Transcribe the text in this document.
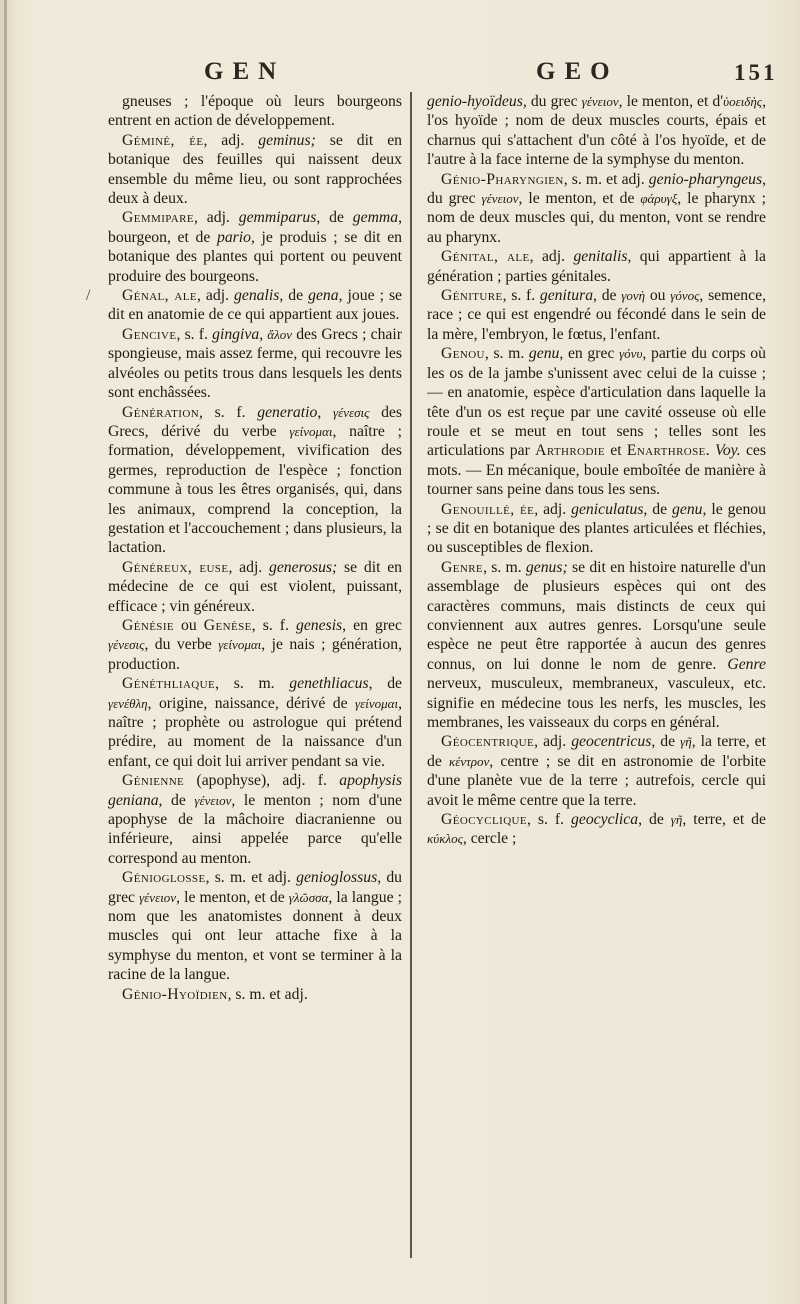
GEN	GEO	151
/

gneuses ; l'époque où leurs bourgeons entrent en action de développement.

Géminé, ée, adj. geminus; se dit en botanique des feuilles qui naissent deux ensemble du même lieu, ou sont rapprochées deux à deux.

Gemmipare, adj. gemmiparus, de gemma, bourgeon, et de pario, je produis ; se dit en botanique des plantes qui portent ou peuvent produire des bourgeons.

Génal, ale, adj. genalis, de gena, joue ; se dit en anatomie de ce qui appartient aux joues.

Gencive, s. f. gingiva, ἄλον des Grecs ; chair spongieuse, mais assez ferme, qui recouvre les alvéoles ou petits trous dans lesquels les dents sont enchâssées.

Génération, s. f. generatio, γένεσις des Grecs, dérivé du verbe γείνομαι, naître ; formation, développement, vivification des germes, reproduction de l'espèce ; fonction commune à tous les êtres organisés, qui, dans les animaux, comprend la conception, la gestation et l'accouchement ; dans plusieurs, la lactation.

Généreux, euse, adj. generosus; se dit en médecine de ce qui est violent, puissant, efficace ; vin généreux.

Génésie ou Genèse, s. f. genesis, en grec γένεσις, du verbe γείνομαι, je nais ; génération, production.

Généthliaque, s. m. genethliacus, de γενέθλη, origine, naissance, dérivé de γείνομαι, naître ; prophète ou astrologue qui prétend prédire, au moment de la naissance d'un enfant, ce qui doit lui arriver pendant sa vie.

Génienne (apophyse), adj. f. apophysis geniana, de γένειον, le menton ; nom d'une apophyse de la mâchoire diacranienne ou inférieure, ainsi appelée parce qu'elle correspond au menton.

Génioglosse, s. m. et adj. genioglossus, du grec γένειον, le menton, et de γλῶσσα, la langue ; nom que les anatomistes donnent à deux muscles qui ont leur attache fixe à la symphyse du menton, et vont se terminer à la racine de la langue.

Génio-Hyoïdien, s. m. et adj.

genio-hyoïdeus, du grec γένειον, le menton, et d'ὑοειδὴς, l'os hyoïde ; nom de deux muscles courts, épais et charnus qui s'attachent d'un côté à l'os hyoïde, et de l'autre à la face interne de la symphyse du menton.

Génio-Pharyngien, s. m. et adj. genio-pharyngeus, du grec γένειον, le menton, et de φάρυγξ, le pharynx ; nom de deux muscles qui, du menton, vont se rendre au pharynx.

Génital, ale, adj. genitalis, qui appartient à la génération ; parties génitales.

Géniture, s. f. genitura, de γονὴ ou γόνος, semence, race ; ce qui est engendré ou fécondé dans le sein de la mère, l'embryon, le fœtus, l'enfant.

Genou, s. m. genu, en grec γόνυ, partie du corps où les os de la jambe s'unissent avec celui de la cuisse ; — en anatomie, espèce d'articulation dans laquelle la tête d'un os est reçue par une cavité osseuse où elle roule et se meut en tout sens ; telles sont les articulations par Arthrodie et Enarthrose. Voy. ces mots. — En mécanique, boule emboîtée de manière à tourner sans peine dans tous les sens.

Genouillé, ée, adj. geniculatus, de genu, le genou ; se dit en botanique des plantes articulées et fléchies, ou susceptibles de flexion.

Genre, s. m. genus; se dit en histoire naturelle d'un assemblage de plusieurs espèces qui ont des caractères communs, mais distincts de ceux qui conviennent aux autres genres. Lorsqu'une seule espèce ne peut être rapportée à aucun des genres connus, on lui donne le nom de genre. Genre nerveux, musculeux, membraneux, vasculeux, etc. signifie en médecine tous les nerfs, les muscles, les membranes, les vaisseaux du corps en général.

Géocentrique, adj. geocentricus, de γῆ, la terre, et de κέντρον, centre ; se dit en astronomie de l'orbite d'une planète vue de la terre ; autrefois, cercle qui avoit le même centre que la terre.

Géocyclique, s. f. geocyclica, de γῆ, terre, et de κύκλος, cercle ;
